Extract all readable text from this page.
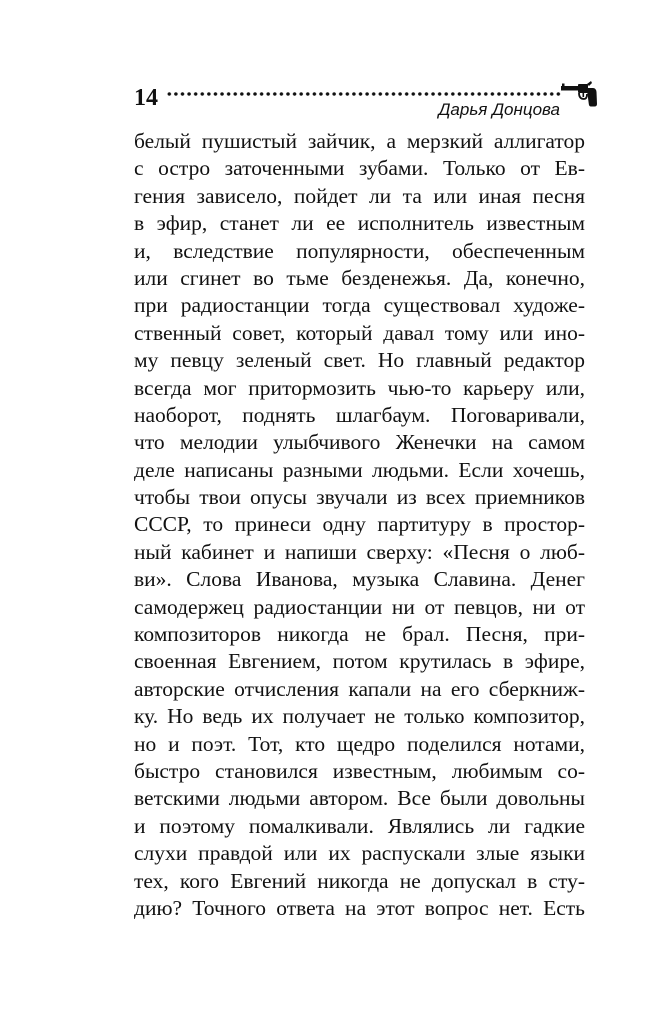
14	Дарья Донцова
белый пушистый зайчик, а мерзкий аллигатор
с остро заточенными зубами. Только от Ев-
гения зависело, пойдет ли та или иная песня
в эфир, станет ли ее исполнитель известным
и, вследствие популярности, обеспеченным
или сгинет во тьме безденежья. Да, конечно,
при радиостанции тогда существовал художе-
ственный совет, который давал тому или ино-
му певцу зеленый свет. Но главный редактор
всегда мог притормозить чью-то карьеру или,
наоборот, поднять шлагбаум. Поговаривали,
что мелодии улыбчивого Женечки на самом
деле написаны разными людьми. Если хочешь,
чтобы твои опусы звучали из всех приемников
СССР, то принеси одну партитуру в простор-
ный кабинет и напиши сверху: «Песня о люб-
ви». Слова Иванова, музыка Славина. Денег
самодержец радиостанции ни от певцов, ни от
композиторов никогда не брал. Песня, при-
своенная Евгением, потом крутилась в эфире,
авторские отчисления капали на его сберкниж-
ку. Но ведь их получает не только композитор,
но и поэт. Тот, кто щедро поделился нотами,
быстро становился известным, любимым со-
ветскими людьми автором. Все были довольны
и поэтому помалкивали. Являлись ли гадкие
слухи правдой или их распускали злые языки
тех, кого Евгений никогда не допускал в сту-
дию? Точного ответа на этот вопрос нет. Есть
